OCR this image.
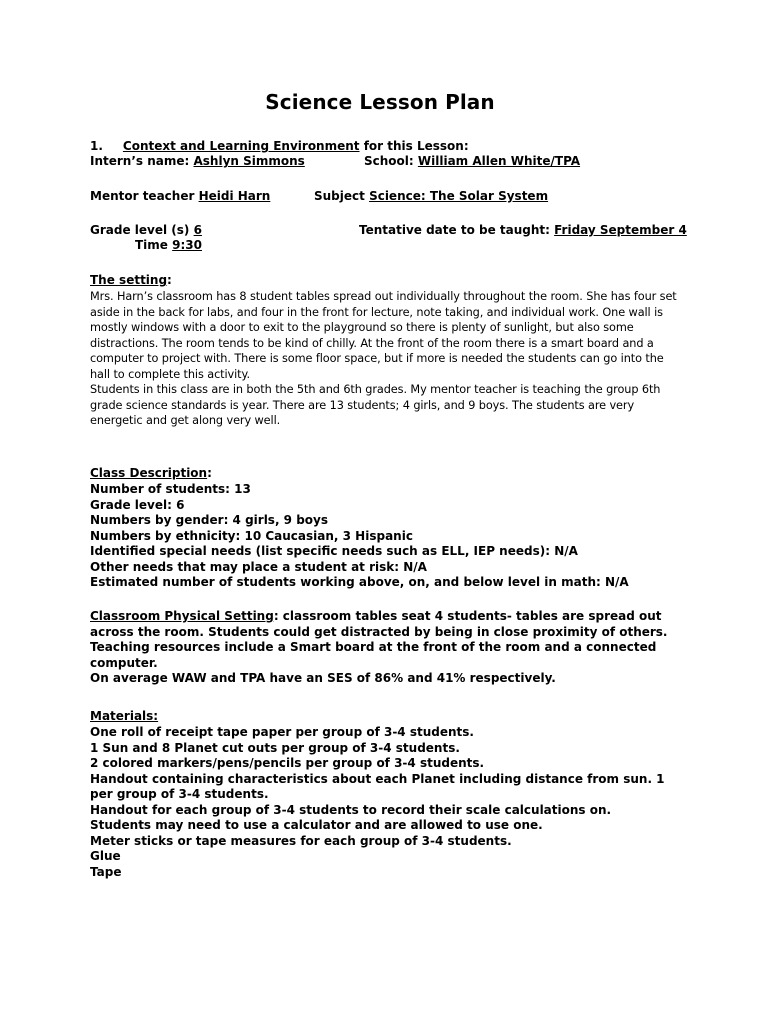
Science Lesson Plan
1. Context and Learning Environment for this Lesson:
Intern’s name: Ashlyn Simmons	School: William Allen White/TPA
Mentor teacher Heidi Harn	Subject Science: The Solar System
Grade level (s) 6	Tentative date to be taught: Friday September 4
Time 9:30
The setting:
Mrs. Harn’s classroom has 8 student tables spread out individually throughout the room. She has four set aside in the back for labs, and four in the front for lecture, note taking, and individual work. One wall is mostly windows with a door to exit to the playground so there is plenty of sunlight, but also some distractions. The room tends to be kind of chilly. At the front of the room there is a smart board and a computer to project with. There is some floor space, but if more is needed the students can go into the hall to complete this activity.
Students in this class are in both the 5th and 6th grades. My mentor teacher is teaching the group 6th grade science standards is year. There are 13 students; 4 girls, and 9 boys. The students are very energetic and get along very well.
Class Description:
Number of students: 13
Grade level: 6
Numbers by gender: 4 girls, 9 boys
Numbers by ethnicity: 10 Caucasian, 3 Hispanic
Identified special needs (list specific needs such as ELL, IEP needs): N/A
Other needs that may place a student at risk: N/A
Estimated number of students working above, on, and below level in math: N/A
Classroom Physical Setting: classroom tables seat 4 students- tables are spread out across the room. Students could get distracted by being in close proximity of others. Teaching resources include a Smart board at the front of the room and a connected computer.
On average WAW and TPA have an SES of 86% and 41% respectively.
Materials:
One roll of receipt tape paper per group of 3-4 students.
1 Sun and 8 Planet cut outs per group of 3-4 students.
2 colored markers/pens/pencils per group of 3-4 students.
Handout containing characteristics about each Planet including distance from sun. 1 per group of 3-4 students.
Handout for each group of 3-4 students to record their scale calculations on.
Students may need to use a calculator and are allowed to use one.
Meter sticks or tape measures for each group of 3-4 students.
Glue
Tape
